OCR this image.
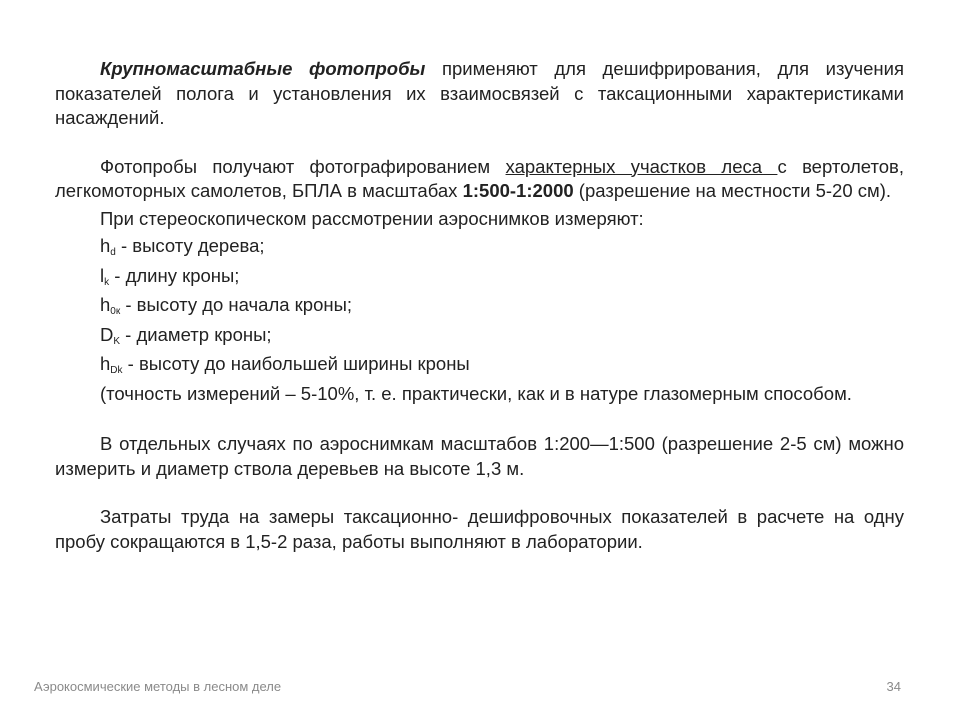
Крупномасштабные фотопробы применяют для дешифрирования, для изучения показателей полога и установления их взаимосвязей с таксационными характеристиками насаждений.

Фотопробы получают фотографированием характерных участков леса с вертолетов, легкомоторных самолетов, БПЛА в масштабах 1:500-1:2000 (разрешение на местности 5-20 см).

При стереоскопическом рассмотрении аэроснимков измеряют:

$h_d$ - высоту дерева;

$l_k$ - длину кроны;

$h_{0к}$ - высоту до начала кроны;

$D_K$ - диаметр кроны;

$h_{Dk}$ - высоту до наибольшей ширины кроны

(точность измерений – 5-10%, т. е. практически, как и в натуре глазомерным способом.

В отдельных случаях по аэроснимкам масштабов 1:200—1:500 (разрешение 2-5 см) можно измерить и диаметр ствола деревьев на высоте 1,3 м.

Затраты труда на замеры таксационно- дешифровочных показателей в расчете на одну пробу сокращаются в 1,5-2 раза, работы выполняют в лаборатории.

Аэрокосмические методы в лесном деле	34
